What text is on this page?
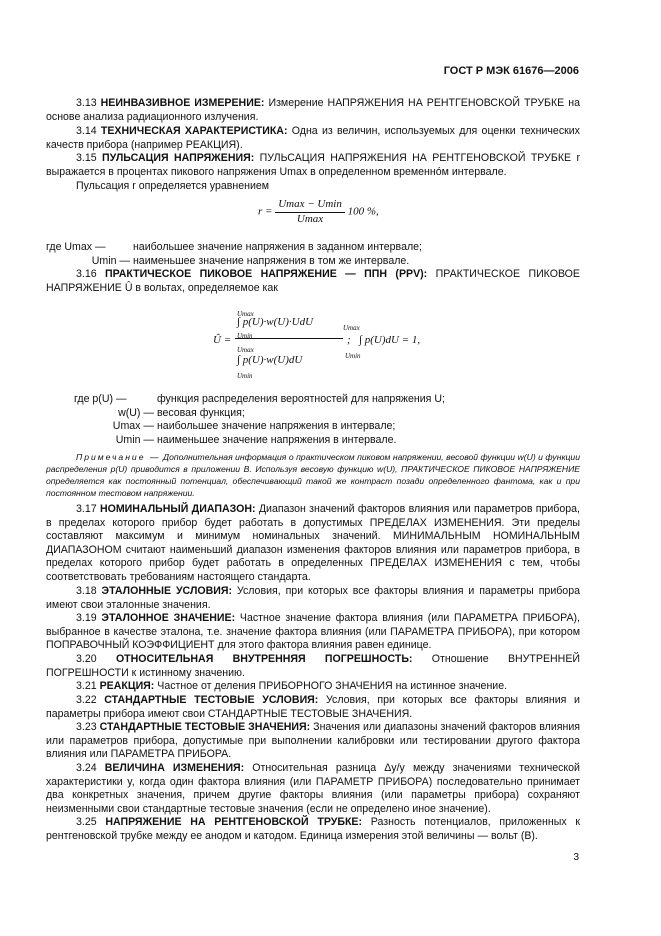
ГОСТ Р МЭК 61676—2006
3.13 НЕИНВАЗИВНОЕ ИЗМЕРЕНИЕ: Измерение НАПРЯЖЕНИЯ НА РЕНТГЕНОВСКОЙ ТРУБКЕ на основе анализа радиационного излучения.
3.14 ТЕХНИЧЕСКАЯ ХАРАКТЕРИСТИКА: Одна из величин, используемых для оценки технических качеств прибора (например РЕАКЦИЯ).
3.15 ПУЛЬСАЦИЯ НАПРЯЖЕНИЯ: ПУЛЬСАЦИЯ НАПРЯЖЕНИЯ НА РЕНТГЕНОВСКОЙ ТРУБКЕ r выражается в процентах пикового напряжения Umax в определенном временно́м интервале.
Пульсация r определяется уравнением
$r = \frac{Umax - Umin}{Umax} 100$ %,
где Umax —	наибольшее значение напряжения в заданном интервале;
Umin — наименьшее значение напряжения в том же интервале.
3.16 ПРАКТИЧЕСКОЕ ПИКОВОЕ НАПРЯЖЕНИЕ — ППН (PPV): ПРАКТИЧЕСКОЕ ПИКОВОЕ НАПРЯЖЕНИЕ Û в вольтах, определяемое как
Û =
Umax
Umin
∫ p(U)·w(U)·UdU
Umax
Umin
∫ p(U)·w(U)dU
;
Umax
Umin
∫ p(U)dU = 1,
где p(U) —	функция распределения вероятностей для напряжения U;
w(U) — весовая функция;
Umax — наибольшее значение напряжения в интервале;
Umin — наименьшее значение напряжения в интервале.
Примечание — Дополнительная информация о практическом пиковом напряжении, весовой функции w(U) и функции распределения p(U) приводится в приложении В. Используя весовую функцию w(U), ПРАКТИЧЕСКОЕ ПИКОВОЕ НАПРЯЖЕНИЕ определяется как постоянный потенциал, обеспечивающий такой же контраст позади определенного фантома, как и при постоянном тестовом напряжении.
3.17 НОМИНАЛЬНЫЙ ДИАПАЗОН: Диапазон значений факторов влияния или параметров прибора, в пределах которого прибор будет работать в допустимых ПРЕДЕЛАХ ИЗМЕНЕНИЯ. Эти пределы составляют максимум и минимум номинальных значений. МИНИМАЛЬНЫМ НОМИНАЛЬНЫМ ДИАПАЗОНОМ считают наименьший диапазон изменения факторов влияния или параметров прибора, в пределах которого прибор будет работать в определенных ПРЕДЕЛАХ ИЗМЕНЕНИЯ с тем, чтобы соответствовать требованиям настоящего стандарта.
3.18 ЭТАЛОННЫЕ УСЛОВИЯ: Условия, при которых все факторы влияния и параметры прибора имеют свои эталонные значения.
3.19 ЭТАЛОННОЕ ЗНАЧЕНИЕ: Частное значение фактора влияния (или ПАРАМЕТРА ПРИБОРА), выбранное в качестве эталона, т.е. значение фактора влияния (или ПАРАМЕТРА ПРИБОРА), при котором ПОПРАВОЧНЫЙ КОЭФФИЦИЕНТ для этого фактора влияния равен единице.
3.20 ОТНОСИТЕЛЬНАЯ ВНУТРЕННЯЯ ПОГРЕШНОСТЬ: Отношение ВНУТРЕННЕЙ ПОГРЕШНОСТИ к истинному значению.
3.21 РЕАКЦИЯ: Частное от деления ПРИБОРНОГО ЗНАЧЕНИЯ на истинное значение.
3.22 СТАНДАРТНЫЕ ТЕСТОВЫЕ УСЛОВИЯ: Условия, при которых все факторы влияния и параметры прибора имеют свои СТАНДАРТНЫЕ ТЕСТОВЫЕ ЗНАЧЕНИЯ.
3.23 СТАНДАРТНЫЕ ТЕСТОВЫЕ ЗНАЧЕНИЯ: Значения или диапазоны значений факторов влияния или параметров прибора, допустимые при выполнении калибровки или тестировании другого фактора влияния или ПАРАМЕТРА ПРИБОРА.
3.24 ВЕЛИЧИНА ИЗМЕНЕНИЯ: Относительная разница Δy/y между значениями технической характеристики y, когда один фактора влияния (или ПАРАМЕТР ПРИБОРА) последовательно принимает два конкретных значения, причем другие факторы влияния (или параметры прибора) сохраняют неизменными свои стандартные тестовые значения (если не определено иное значение).
3.25 НАПРЯЖЕНИЕ НА РЕНТГЕНОВСКОЙ ТРУБКЕ: Разность потенциалов, приложенных к рентгеновской трубке между ее анодом и катодом. Единица измерения этой величины — вольт (В).
3
